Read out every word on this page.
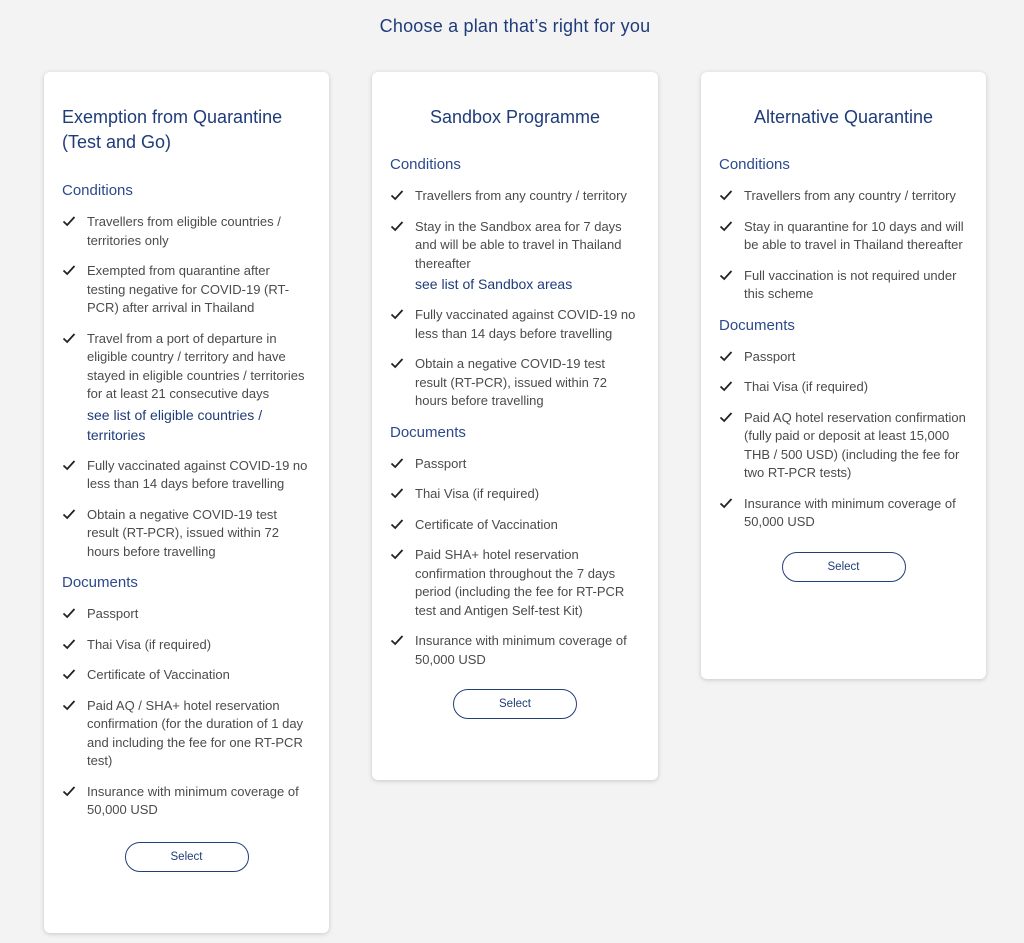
Choose a plan that’s right for you
Exemption from Quarantine (Test and Go)
Conditions
Travellers from eligible countries / territories only
Exempted from quarantine after testing negative for COVID-19 (RT-PCR) after arrival in Thailand
Travel from a port of departure in eligible country / territory and have stayed in eligible countries / territories for at least 21 consecutive days
see list of eligible countries / territories
Fully vaccinated against COVID-19 no less than 14 days before travelling
Obtain a negative COVID-19 test result (RT-PCR), issued within 72 hours before travelling
Documents
Passport
Thai Visa (if required)
Certificate of Vaccination
Paid AQ / SHA+ hotel reservation confirmation (for the duration of 1 day and including the fee for one RT-PCR test)
Insurance with minimum coverage of 50,000 USD
Select
Sandbox Programme
Conditions
Travellers from any country / territory
Stay in the Sandbox area for 7 days and will be able to travel in Thailand thereafter
see list of Sandbox areas
Fully vaccinated against COVID-19 no less than 14 days before travelling
Obtain a negative COVID-19 test result (RT-PCR), issued within 72 hours before travelling
Documents
Passport
Thai Visa (if required)
Certificate of Vaccination
Paid SHA+ hotel reservation confirmation throughout the 7 days period (including the fee for RT-PCR test and Antigen Self-test Kit)
Insurance with minimum coverage of 50,000 USD
Select
Alternative Quarantine
Conditions
Travellers from any country / territory
Stay in quarantine for 10 days and will be able to travel in Thailand thereafter
Full vaccination is not required under this scheme
Documents
Passport
Thai Visa (if required)
Paid AQ hotel reservation confirmation (fully paid or deposit at least 15,000 THB / 500 USD) (including the fee for two RT-PCR tests)
Insurance with minimum coverage of 50,000 USD
Select
